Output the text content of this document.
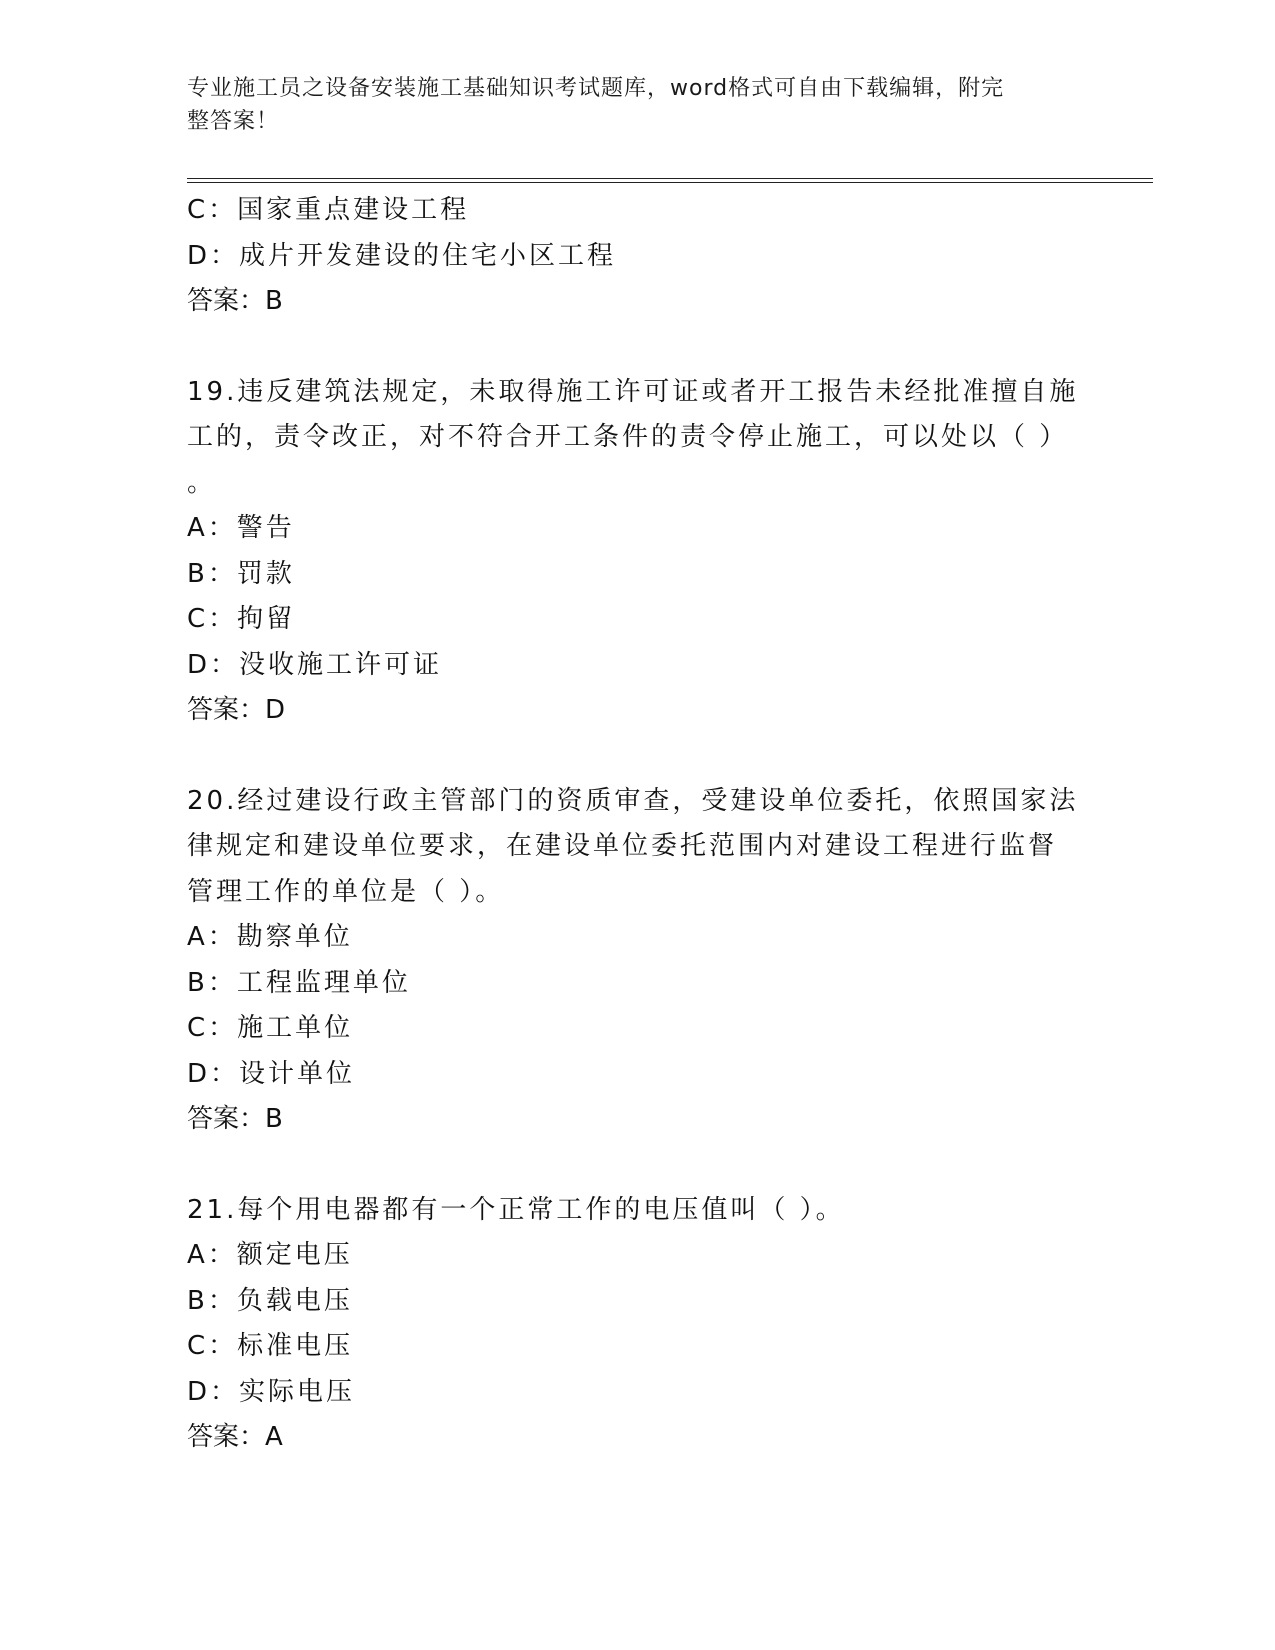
专业施工员之设备安装施工基础知识考试题库，word格式可自由下载编辑，附完
整答案！
C：国家重点建设工程
D：成片开发建设的住宅小区工程
答案：B
19.违反建筑法规定，未取得施工许可证或者开工报告未经批准擅自施
工的，责令改正，对不符合开工条件的责令停止施工，可以处以（ ）
。
A：警告
B：罚款
C：拘留
D：没收施工许可证
答案：D
20.经过建设行政主管部门的资质审查，受建设单位委托，依照国家法
律规定和建设单位要求，在建设单位委托范围内对建设工程进行监督
管理工作的单位是（ ）。
A：勘察单位
B：工程监理单位
C：施工单位
D：设计单位
答案：B
21.每个用电器都有一个正常工作的电压值叫（ ）。
A：额定电压
B：负载电压
C：标准电压
D：实际电压
答案：A
